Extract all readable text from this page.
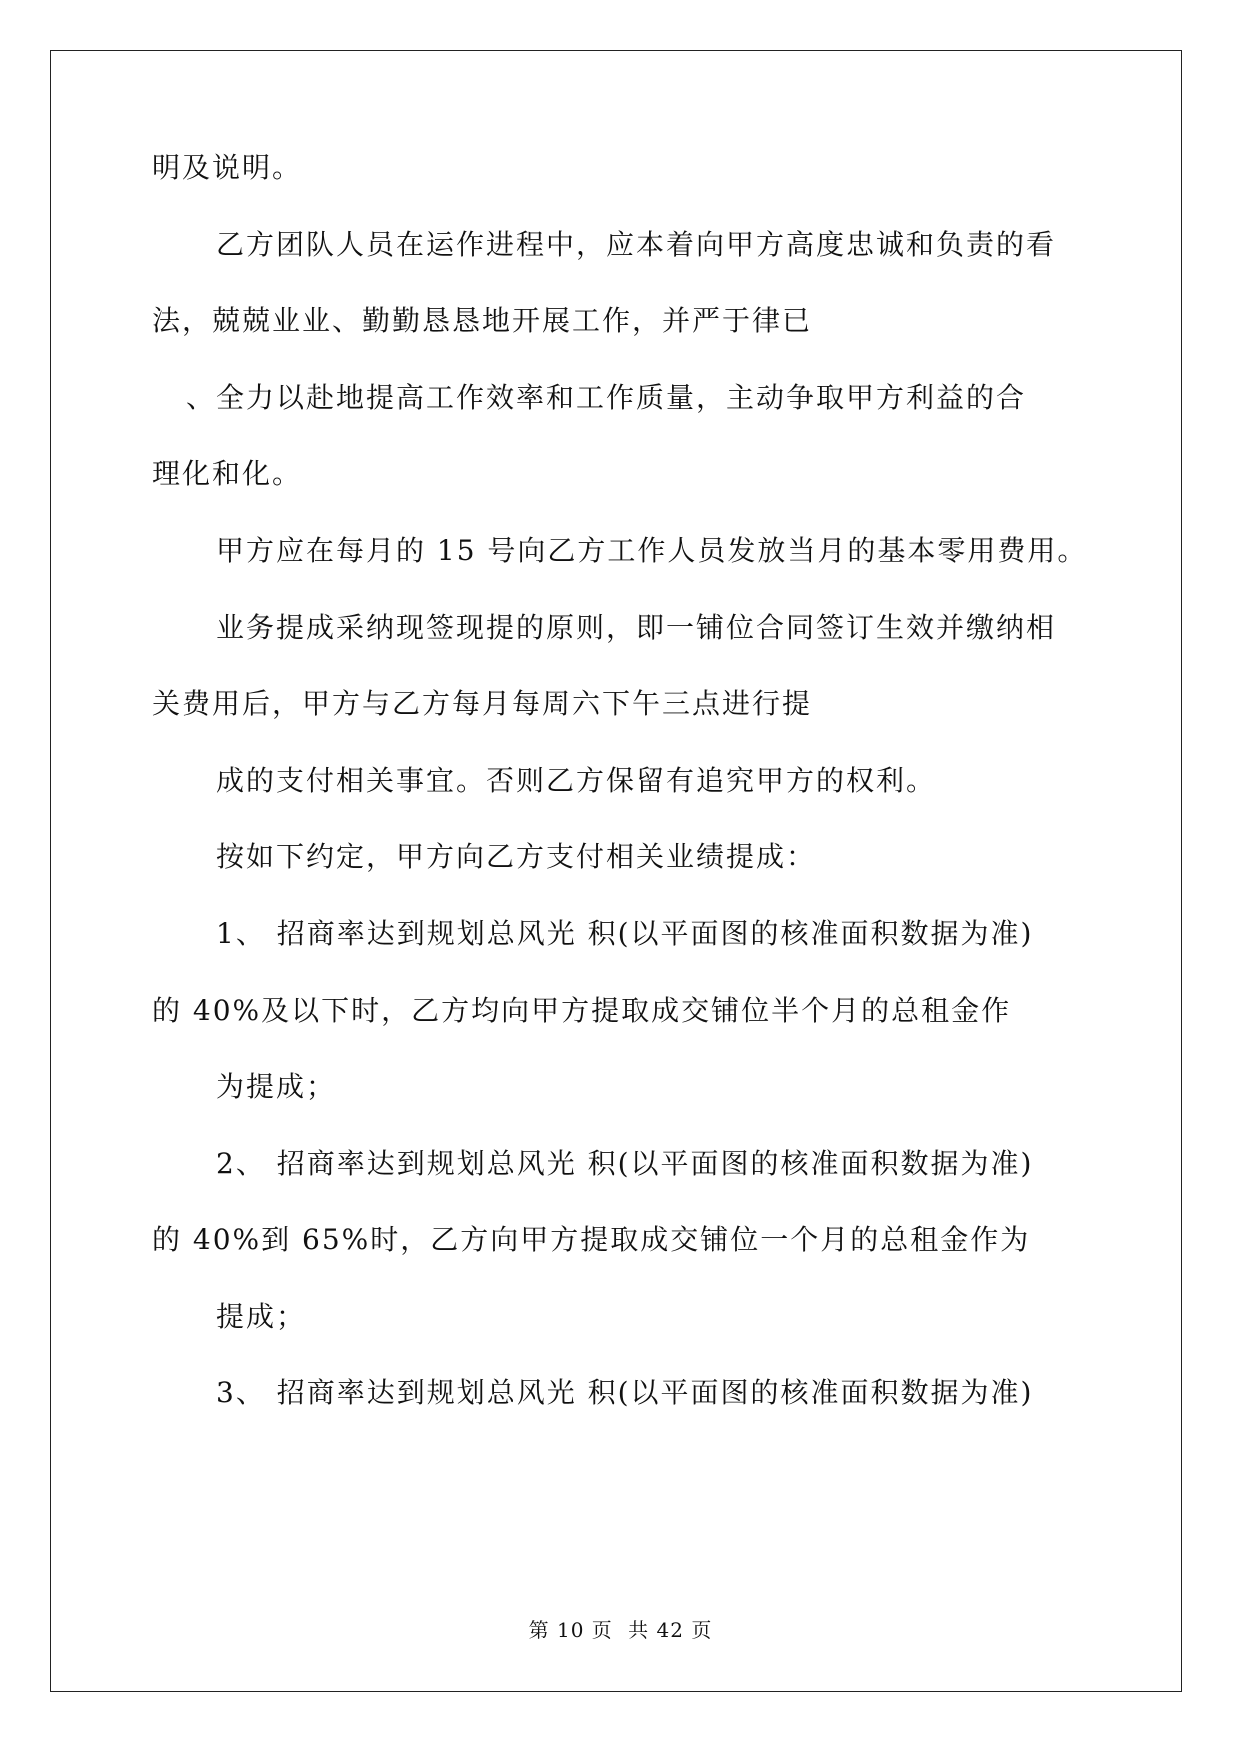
明及说明。
乙方团队人员在运作进程中，应本着向甲方高度忠诚和负责的看
法，兢兢业业、勤勤恳恳地开展工作，并严于律已
、全力以赴地提高工作效率和工作质量，主动争取甲方利益的合
理化和化。
甲方应在每月的 15 号向乙方工作人员发放当月的基本零用费用。
业务提成采纳现签现提的原则，即一铺位合同签订生效并缴纳相
关费用后，甲方与乙方每月每周六下午三点进行提
成的支付相关事宜。否则乙方保留有追究甲方的权利。
按如下约定，甲方向乙方支付相关业绩提成：
1、 招商率达到规划总风光 积(以平面图的核准面积数据为准)
的 40%及以下时，乙方均向甲方提取成交铺位半个月的总租金作
为提成；
2、 招商率达到规划总风光 积(以平面图的核准面积数据为准)
的 40%到 65%时，乙方向甲方提取成交铺位一个月的总租金作为
提成；
3、 招商率达到规划总风光 积(以平面图的核准面积数据为准)
第 10 页 共 42 页
